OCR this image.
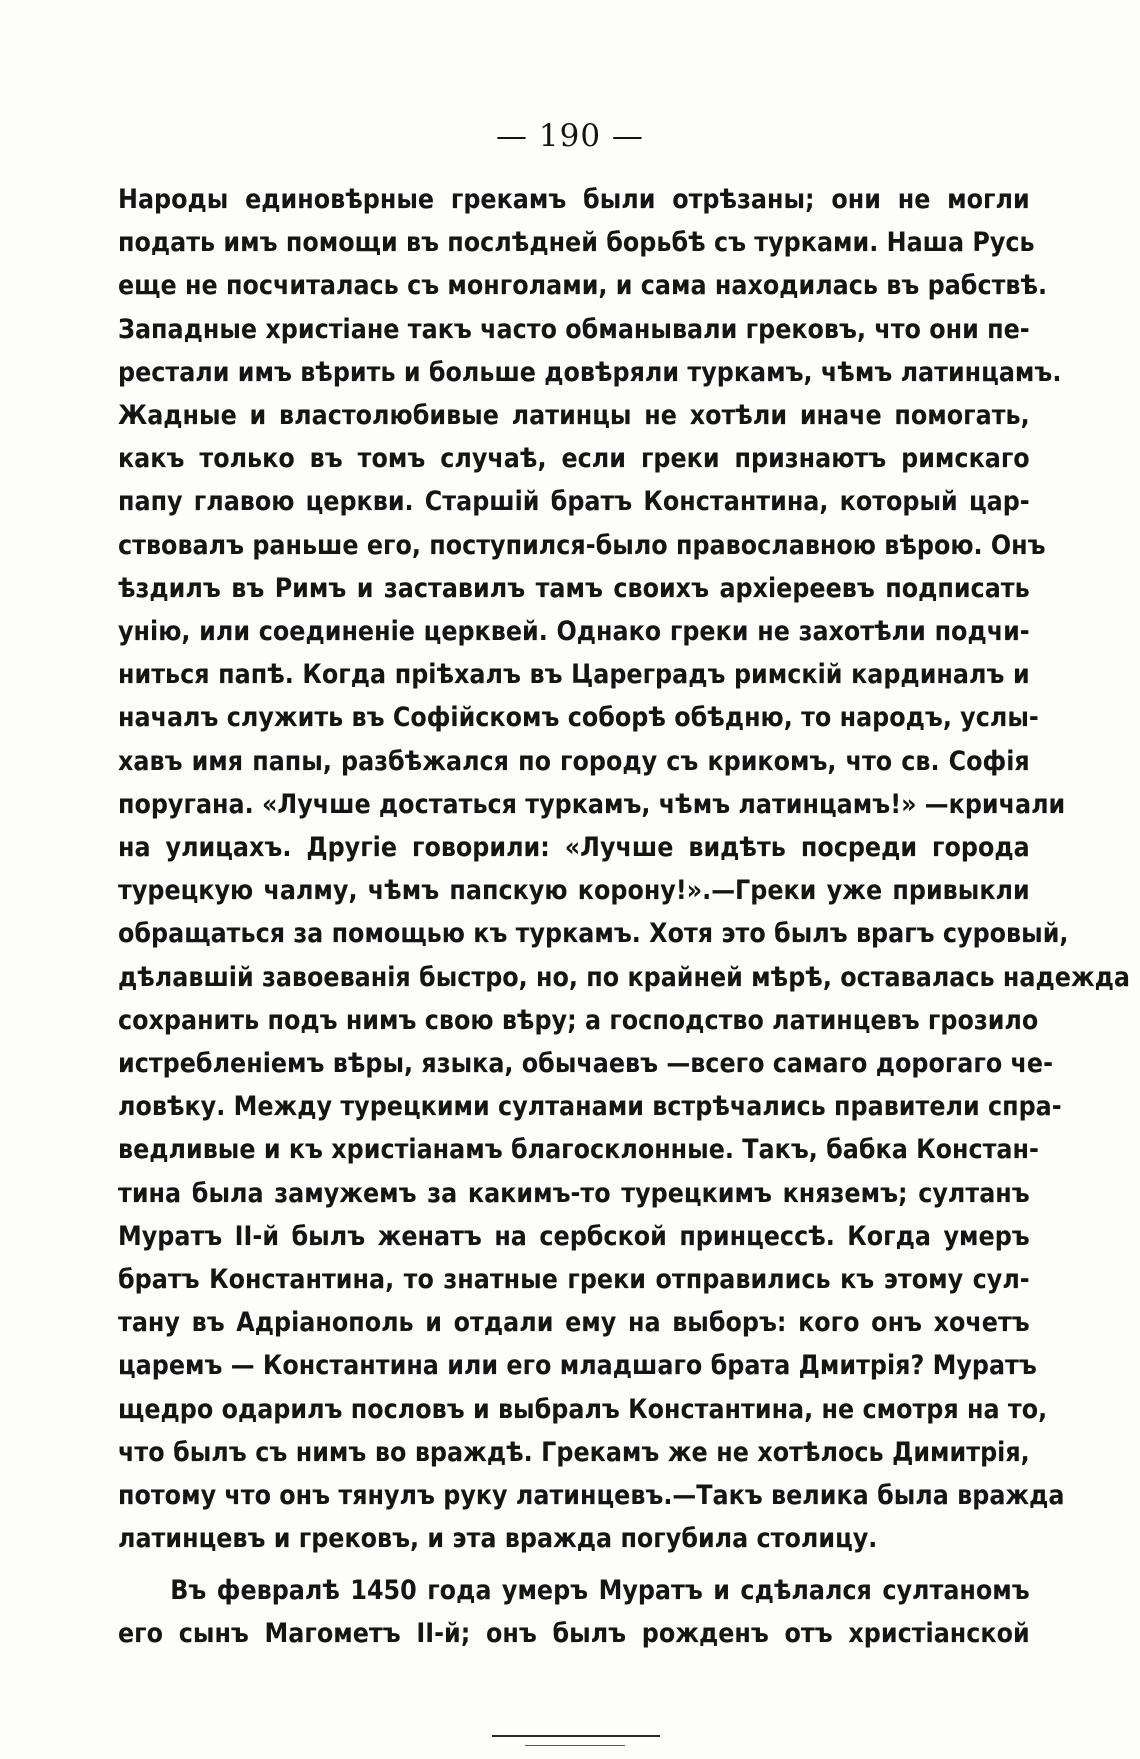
— 190 —
Народы единовѣрные грекамъ были отрѣзаны; они не могли
подать имъ помощи въ послѣдней борьбѣ съ турками. Наша Русь
еще не посчиталась съ монголами, и сама находилась въ рабствѣ.
Западные христiане такъ часто обманывали грековъ, что они пе-
рестали имъ вѣрить и больше довѣряли туркамъ, чѣмъ латинцамъ.
Жадные и властолюбивые латинцы не хотѣли иначе помогать,
какъ только въ томъ случаѣ, если греки признаютъ римскаго
папу главою церкви. Старшiй братъ Константина, который цар-
ствовалъ раньше его, поступился-было православною вѣрою. Онъ
ѣздилъ въ Римъ и заставилъ тамъ своихъ архiереевъ подписать
унiю, или соединенiе церквей. Однако греки не захотѣли подчи-
ниться папѣ. Когда прiѣхалъ въ Цареградъ римскiй кардиналъ и
началъ служить въ Софiйскомъ соборѣ обѣдню, то народъ, услы-
хавъ имя папы, разбѣжался по городу съ крикомъ, что св. Софiя
поругана. «Лучше достаться туркамъ, чѣмъ латинцамъ!» —кричали
на улицахъ. Другiе говорили: «Лучше видѣть посреди города
турецкую чалму, чѣмъ папскую корону!».—Греки уже привыкли
обращаться за помощью къ туркамъ. Хотя это былъ врагъ суровый,
дѣлавшiй завоеванiя быстро, но, по крайней мѣрѣ, оставалась надежда
сохранить подъ нимъ свою вѣру; а господство латинцевъ грозило
истребленiемъ вѣры, языка, обычаевъ —всего самаго дорогаго че-
ловѣку. Между турецкими султанами встрѣчались правители спра-
ведливые и къ христiанамъ благосклонные. Такъ, бабка Констан-
тина была замужемъ за какимъ-то турецкимъ княземъ; султанъ
Муратъ II-й былъ женатъ на сербской принцессѣ. Когда умеръ
братъ Константина, то знатные греки отправились къ этому сул-
тану въ Адрiанополь и отдали ему на выборъ: кого онъ хочетъ
царемъ — Константина или его младшаго брата Дмитрiя? Муратъ
щедро одарилъ пословъ и выбралъ Константина, не смотря на то,
что былъ съ нимъ во враждѣ. Грекамъ же не хотѣлось Димитрiя,
потому что онъ тянулъ руку латинцевъ.—Такъ велика была вражда
латинцевъ и грековъ, и эта вражда погубила столицу.
Въ февралѣ 1450 года умеръ Муратъ и сдѣлался султаномъ
его сынъ Магометъ II-й; онъ былъ рожденъ отъ христiанской
